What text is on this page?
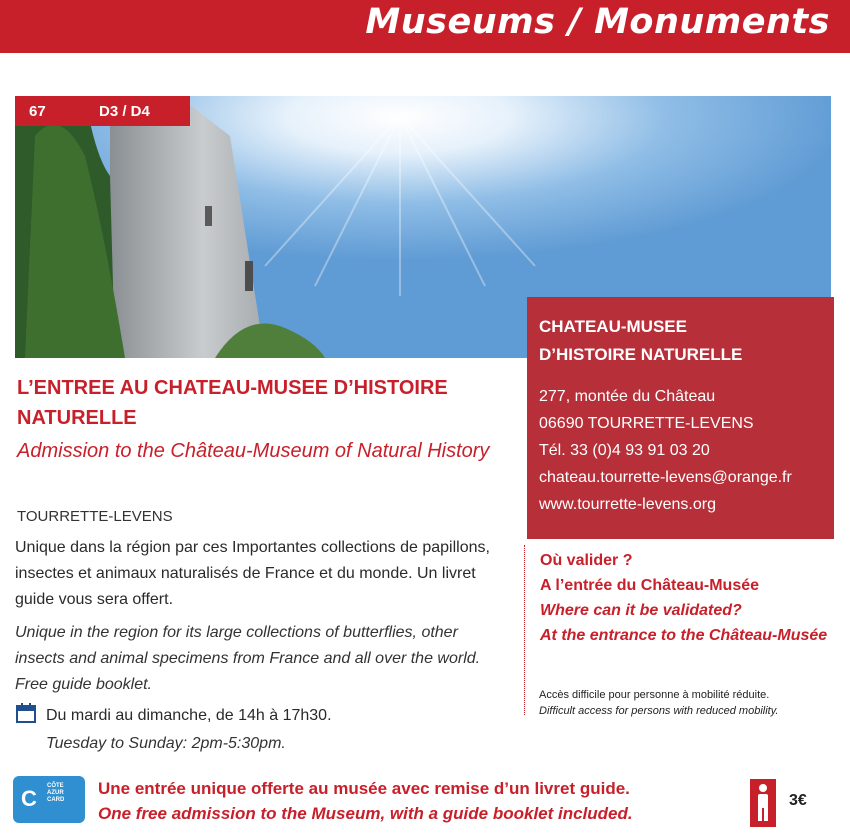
Museums / Monuments
67	D3 / D4
CHATEAU-MUSEE
D’HISTOIRE NATURELLE
277, montée du Château
06690 TOURRETTE-LEVENS
Tél. 33 (0)4 93 91 03 20
chateau.tourrette-levens@orange.fr
www.tourrette-levens.org
L’ENTREE AU CHATEAU-MUSEE D’HISTOIRE NATURELLE
Admission to the Château-Museum of Natural History
TOURRETTE-LEVENS
Unique dans la région par ces Importantes collections de papillons, insectes et animaux naturalisés de France et du monde. Un livret guide vous sera offert.
Unique in the region for its large collections of butterflies, other insects and animal specimens from France and all over the world. Free guide booklet.
Du mardi au dimanche, de 14h à 17h30.
Tuesday to Sunday: 2pm-5:30pm.
Où valider ?
A l’entrée du Château-Musée
Where can it be validated?
At the entrance to the Château-Musée
Accès difficile pour personne à mobilité réduite.
Difficult access for persons with reduced mobility.
C CÔTE
AZUR
CARD
Une entrée unique offerte au musée avec remise d’un livret guide.
One free admission to the Museum, with a guide booklet included.
3€
